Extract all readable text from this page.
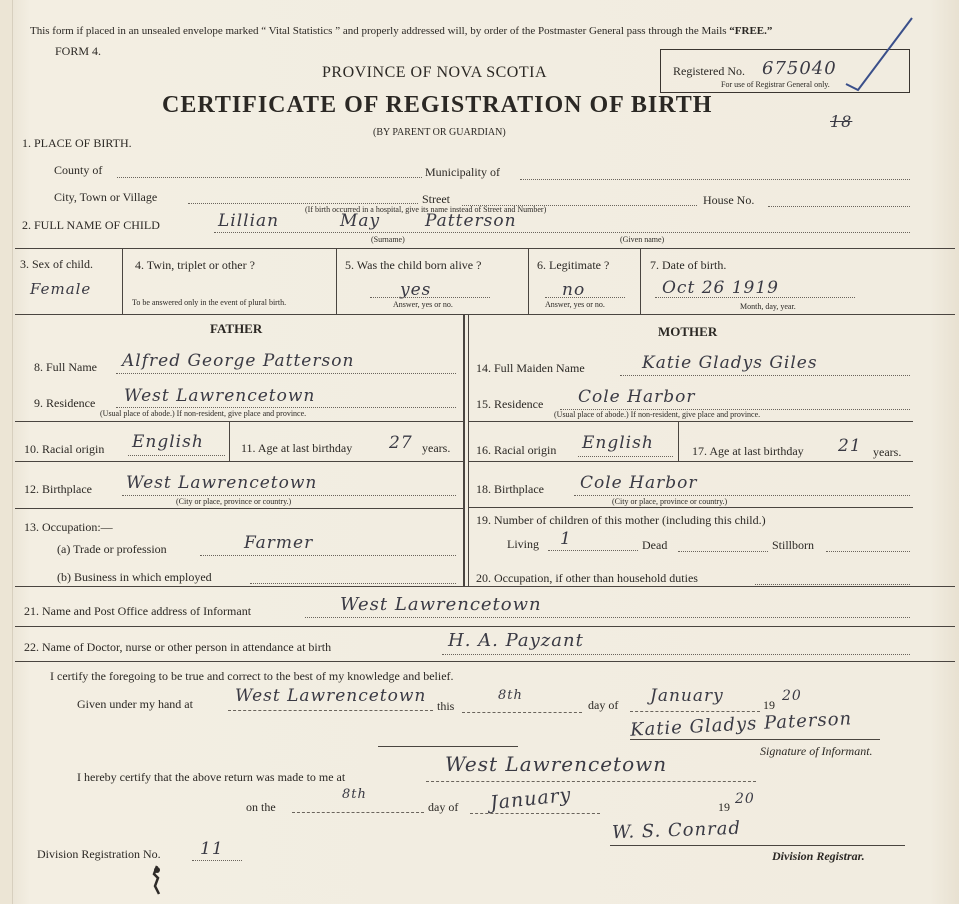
This form if placed in an unsealed envelope marked “ Vital Statistics ” and properly addressed will, by order of the Postmaster General pass through the Mails “FREE.”
FORM 4.
PROVINCE OF NOVA SCOTIA
CERTIFICATE OF REGISTRATION OF BIRTH
(BY PARENT OR GUARDIAN)
Registered No. 675040
For use of Registrar General only.
18
1. PLACE OF BIRTH.
County of	Municipality of
City, Town or Village	Street	House No.
(If birth occurred in a hospital, give its name instead of Street and Number)
2. FULL NAME OF CHILD	Lillian	May	Patterson
(Surname)	(Given name)
3. Sex of child.
Female
4. Twin, triplet or other ?
To be answered only in the event of plural birth.
5. Was the child born alive ?
yes
Answer, yes or no.
6. Legitimate ?
no
Answer, yes or no.
7. Date of birth.
Oct 26 1919
Month, day, year.
FATHER
8. Full Name Alfred George Patterson
9. Residence West Lawrencetown
(Usual place of abode.) If non-resident, give place and province.
10. Racial origin English	11. Age at last birthday 27 years.
12. Birthplace West Lawrencetown
(City or place, province or country.)
13. Occupation:—
(a) Trade or profession	Farmer
(b) Business in which employed
MOTHER
14. Full Maiden Name	Katie Gladys Giles
15. Residence Cole Harbor
(Usual place of abode.) If non-resident, give place and province.
16. Racial origin English	17. Age at last birthday 21 years.
18. Birthplace Cole Harbor
(City or place, province or country.)
19. Number of children of this mother (including this child.)
Living 1	Dead	Stillborn
20. Occupation, if other than household duties
21. Name and Post Office address of Informant	West Lawrencetown
22. Name of Doctor, nurse or other person in attendance at birth	H. A. Payzant
I certify the foregoing to be true and correct to the best of my knowledge and belief.
Given under my hand at West Lawrencetown this
8th
day of January	19
20
Katie Gladys Paterson
Signature of Informant.
I hereby certify that the above return was made to me at
West Lawrencetown
on the
8th
day of January	19 20
W. S. Conrad
Division Registrar.
Division Registration No. 11
